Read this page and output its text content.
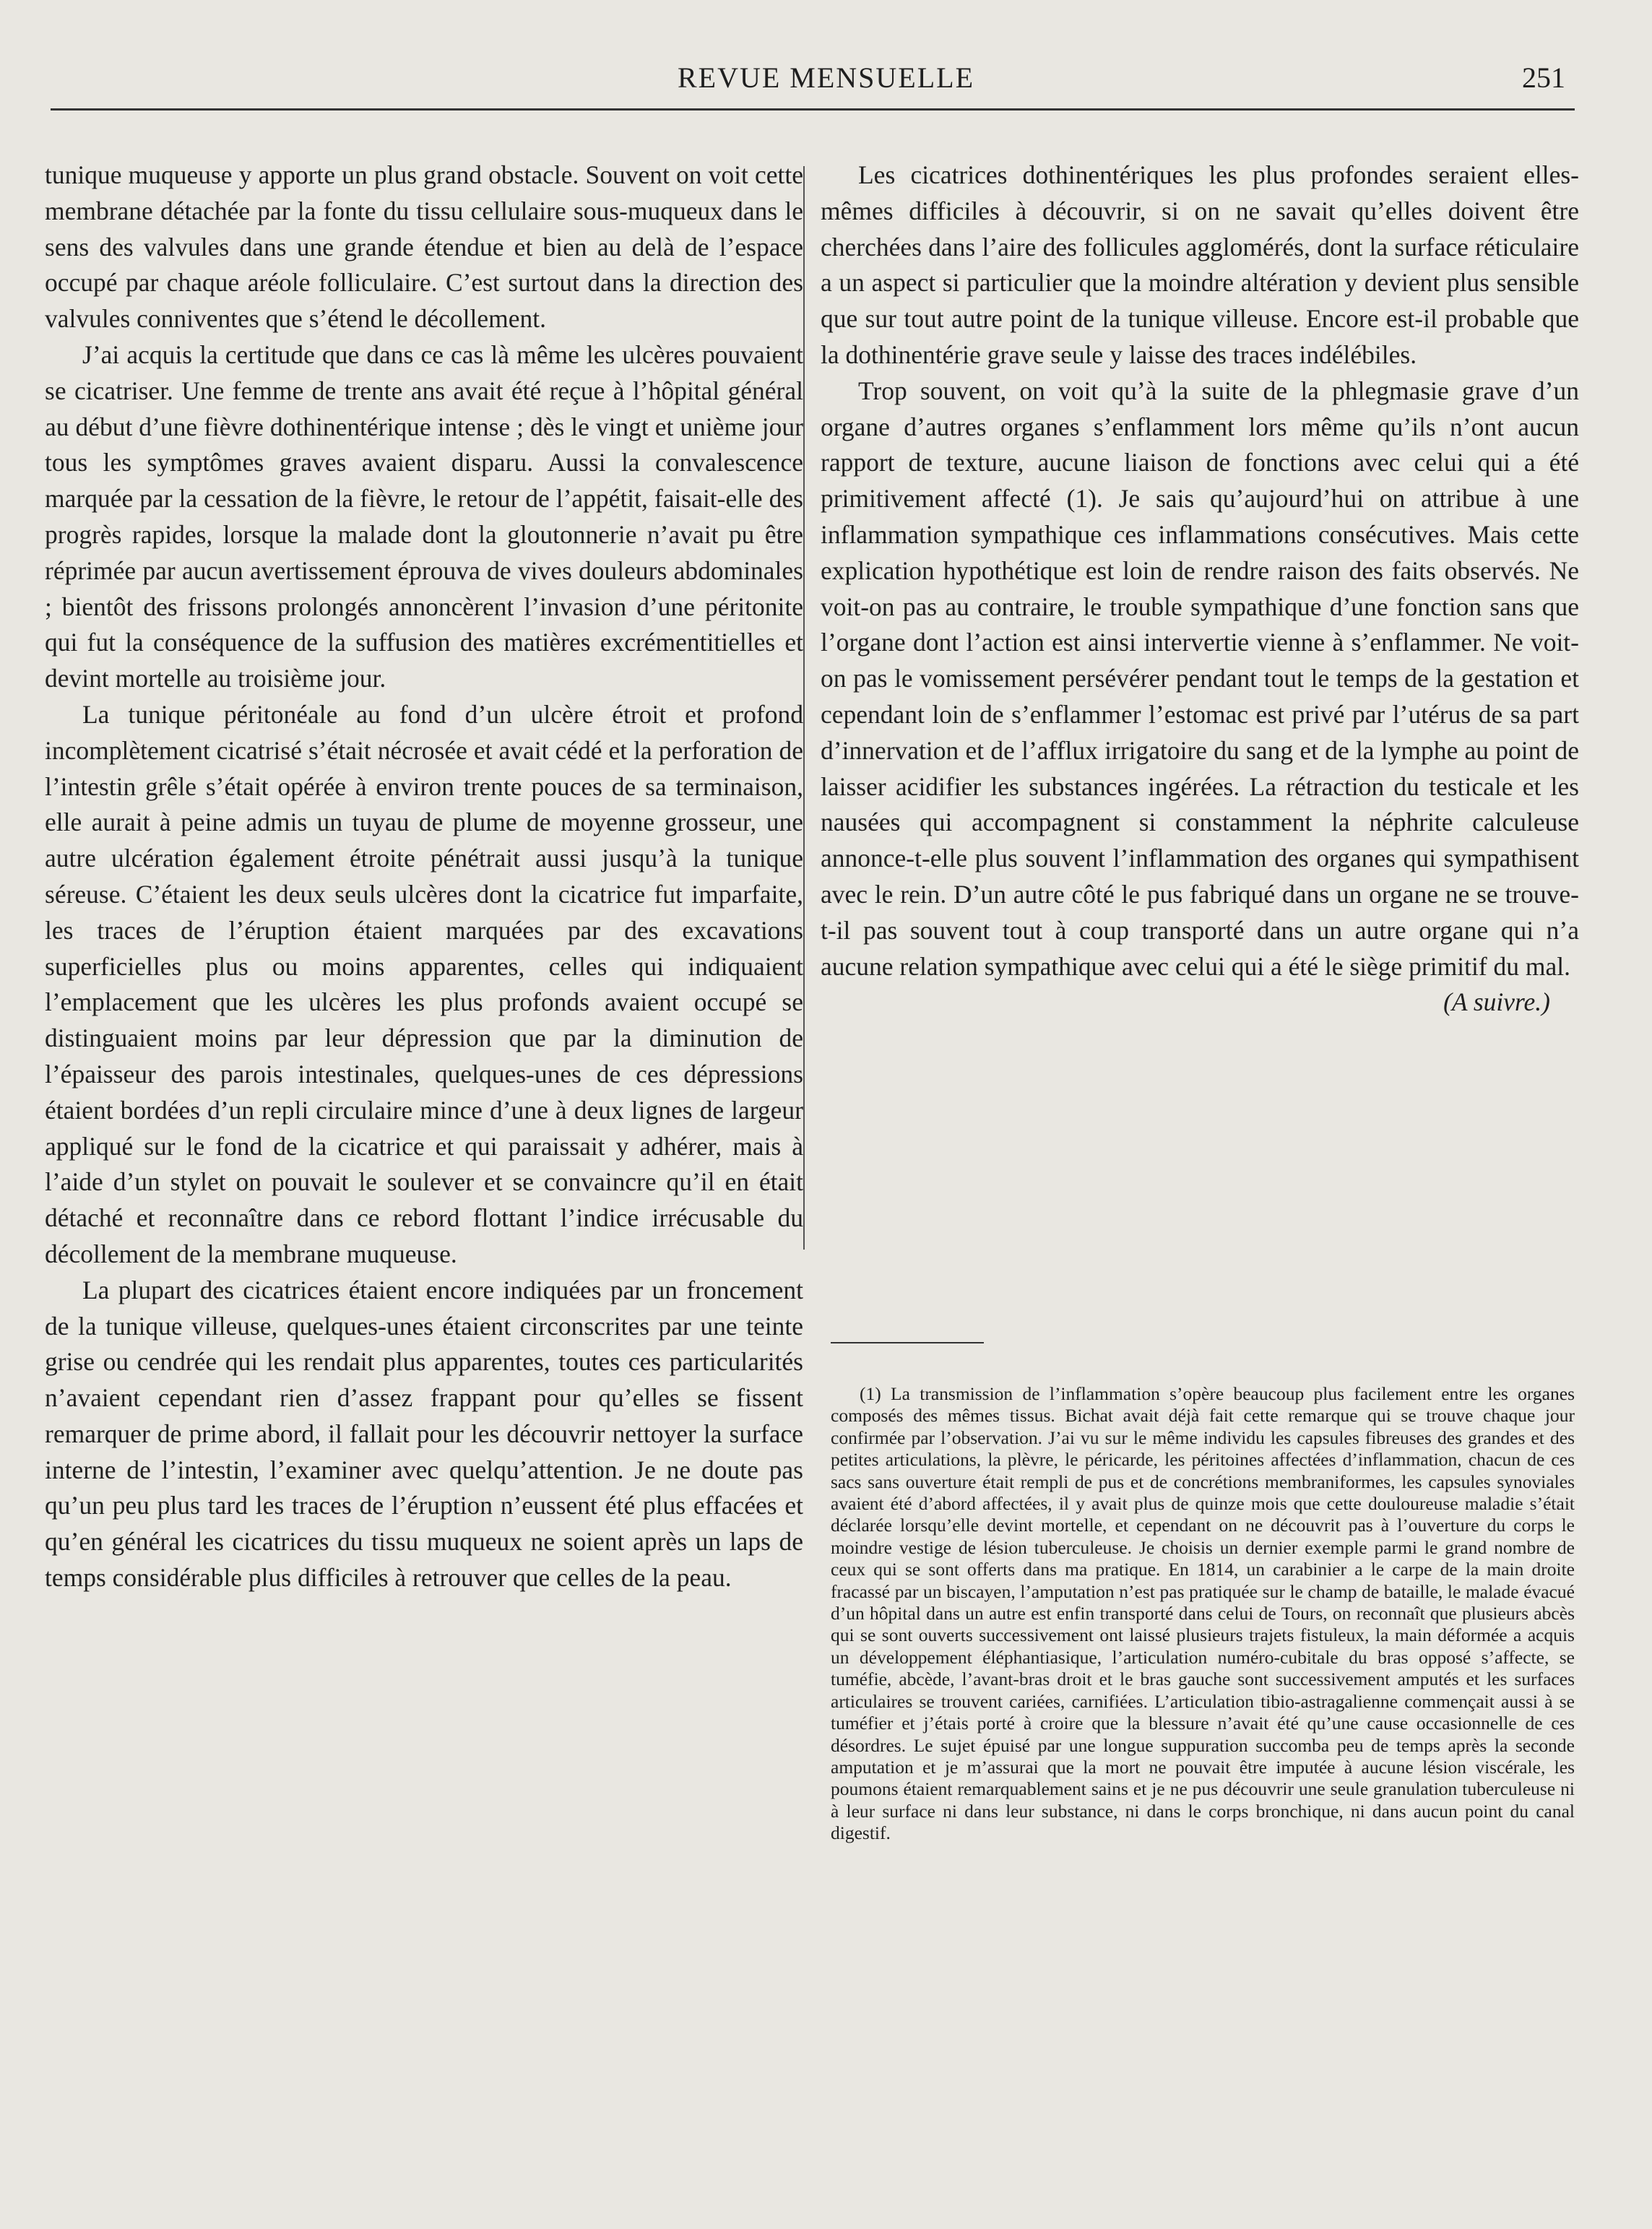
REVUE MENSUELLE	251

tunique muqueuse y apporte un plus grand obstacle. Souvent on voit cette membrane détachée par la fonte du tissu cellulaire sous-muqueux dans le sens des valvules dans une grande étendue et bien au delà de l’espace occupé par chaque aréole folliculaire. C’est surtout dans la direction des valvules conniventes que s’étend le décollement.

J’ai acquis la certitude que dans ce cas là même les ulcères pouvaient se cicatriser. Une femme de trente ans avait été reçue à l’hôpital général au début d’une fièvre dothinentérique intense ; dès le vingt et unième jour tous les symptômes graves avaient disparu. Aussi la convalescence marquée par la cessation de la fièvre, le retour de l’appétit, faisait-elle des progrès rapides, lorsque la malade dont la gloutonnerie n’avait pu être réprimée par aucun avertissement éprouva de vives douleurs abdominales ; bientôt des frissons prolongés annoncèrent l’invasion d’une péritonite qui fut la conséquence de la suffusion des matières excrémentitielles et devint mortelle au troisième jour.

La tunique péritonéale au fond d’un ulcère étroit et profond incomplètement cicatrisé s’était nécrosée et avait cédé et la perforation de l’intestin grêle s’était opérée à environ trente pouces de sa terminaison, elle aurait à peine admis un tuyau de plume de moyenne grosseur, une autre ulcération également étroite pénétrait aussi jusqu’à la tunique séreuse. C’étaient les deux seuls ulcères dont la cicatrice fut imparfaite, les traces de l’éruption étaient marquées par des excavations superficielles plus ou moins apparentes, celles qui indiquaient l’emplacement que les ulcères les plus profonds avaient occupé se distinguaient moins par leur dépression que par la diminution de l’épaisseur des parois intestinales, quelques-unes de ces dépressions étaient bordées d’un repli circulaire mince d’une à deux lignes de largeur appliqué sur le fond de la cicatrice et qui paraissait y adhérer, mais à l’aide d’un stylet on pouvait le soulever et se convaincre qu’il en était détaché et reconnaître dans ce rebord flottant l’indice irrécusable du décollement de la membrane muqueuse.

La plupart des cicatrices étaient encore indiquées par un froncement de la tunique villeuse, quelques-unes étaient circonscrites par une teinte grise ou cendrée qui les rendait plus apparentes, toutes ces particularités n’avaient cependant rien d’assez frappant pour qu’elles se fissent remarquer de prime abord, il fallait pour les découvrir nettoyer la surface interne de l’intestin, l’examiner avec quelqu’attention. Je ne doute pas qu’un peu plus tard les traces de l’éruption n’eussent été plus effacées et qu’en général les cicatrices du tissu muqueux ne soient après un laps de temps considérable plus difficiles à retrouver que celles de la peau.

Les cicatrices dothinentériques les plus profondes seraient elles-mêmes difficiles à découvrir, si on ne savait qu’elles doivent être cherchées dans l’aire des follicules agglomérés, dont la surface réticulaire a un aspect si particulier que la moindre altération y devient plus sensible que sur tout autre point de la tunique villeuse. Encore est-il probable que la dothinentérie grave seule y laisse des traces indélébiles.

Trop souvent, on voit qu’à la suite de la phlegmasie grave d’un organe d’autres organes s’enflamment lors même qu’ils n’ont aucun rapport de texture, aucune liaison de fonctions avec celui qui a été primitivement affecté (1). Je sais qu’aujourd’hui on attribue à une inflammation sympathique ces inflammations consécutives. Mais cette explication hypothétique est loin de rendre raison des faits observés. Ne voit-on pas au contraire, le trouble sympathique d’une fonction sans que l’organe dont l’action est ainsi intervertie vienne à s’enflammer. Ne voit-on pas le vomissement persévérer pendant tout le temps de la gestation et cependant loin de s’enflammer l’estomac est privé par l’utérus de sa part d’innervation et de l’afflux irrigatoire du sang et de la lymphe au point de laisser acidifier les substances ingérées. La rétraction du testicale et les nausées qui accompagnent si constamment la néphrite calculeuse annonce-t-elle plus souvent l’inflammation des organes qui sympathisent avec le rein. D’un autre côté le pus fabriqué dans un organe ne se trouve-t-il pas souvent tout à coup transporté dans un autre organe qui n’a aucune relation sympathique avec celui qui a été le siège primitif du mal.

(A suivre.)

(1) La transmission de l’inflammation s’opère beaucoup plus facilement entre les organes composés des mêmes tissus. Bichat avait déjà fait cette remarque qui se trouve chaque jour confirmée par l’observation. J’ai vu sur le même individu les capsules fibreuses des grandes et des petites articulations, la plèvre, le péricarde, les péritoines affectées d’inflammation, chacun de ces sacs sans ouverture était rempli de pus et de concrétions membraniformes, les capsules synoviales avaient été d’abord affectées, il y avait plus de quinze mois que cette douloureuse maladie s’était déclarée lorsqu’elle devint mortelle, et cependant on ne découvrit pas à l’ouverture du corps le moindre vestige de lésion tuberculeuse. Je choisis un dernier exemple parmi le grand nombre de ceux qui se sont offerts dans ma pratique. En 1814, un carabinier a le carpe de la main droite fracassé par un biscayen, l’amputation n’est pas pratiquée sur le champ de bataille, le malade évacué d’un hôpital dans un autre est enfin transporté dans celui de Tours, on reconnaît que plusieurs abcès qui se sont ouverts successivement ont laissé plusieurs trajets fistuleux, la main déformée a acquis un développement éléphantiasique, l’articulation numéro-cubitale du bras opposé s’affecte, se tuméfie, abcède, l’avant-bras droit et le bras gauche sont successivement amputés et les surfaces articulaires se trouvent cariées, carnifiées. L’articulation tibio-astragalienne commençait aussi à se tuméfier et j’étais porté à croire que la blessure n’avait été qu’une cause occasionnelle de ces désordres. Le sujet épuisé par une longue suppuration succomba peu de temps après la seconde amputation et je m’assurai que la mort ne pouvait être imputée à aucune lésion viscérale, les poumons étaient remarquablement sains et je ne pus découvrir une seule granulation tuberculeuse ni à leur surface ni dans leur substance, ni dans le corps bronchique, ni dans aucun point du canal digestif.
